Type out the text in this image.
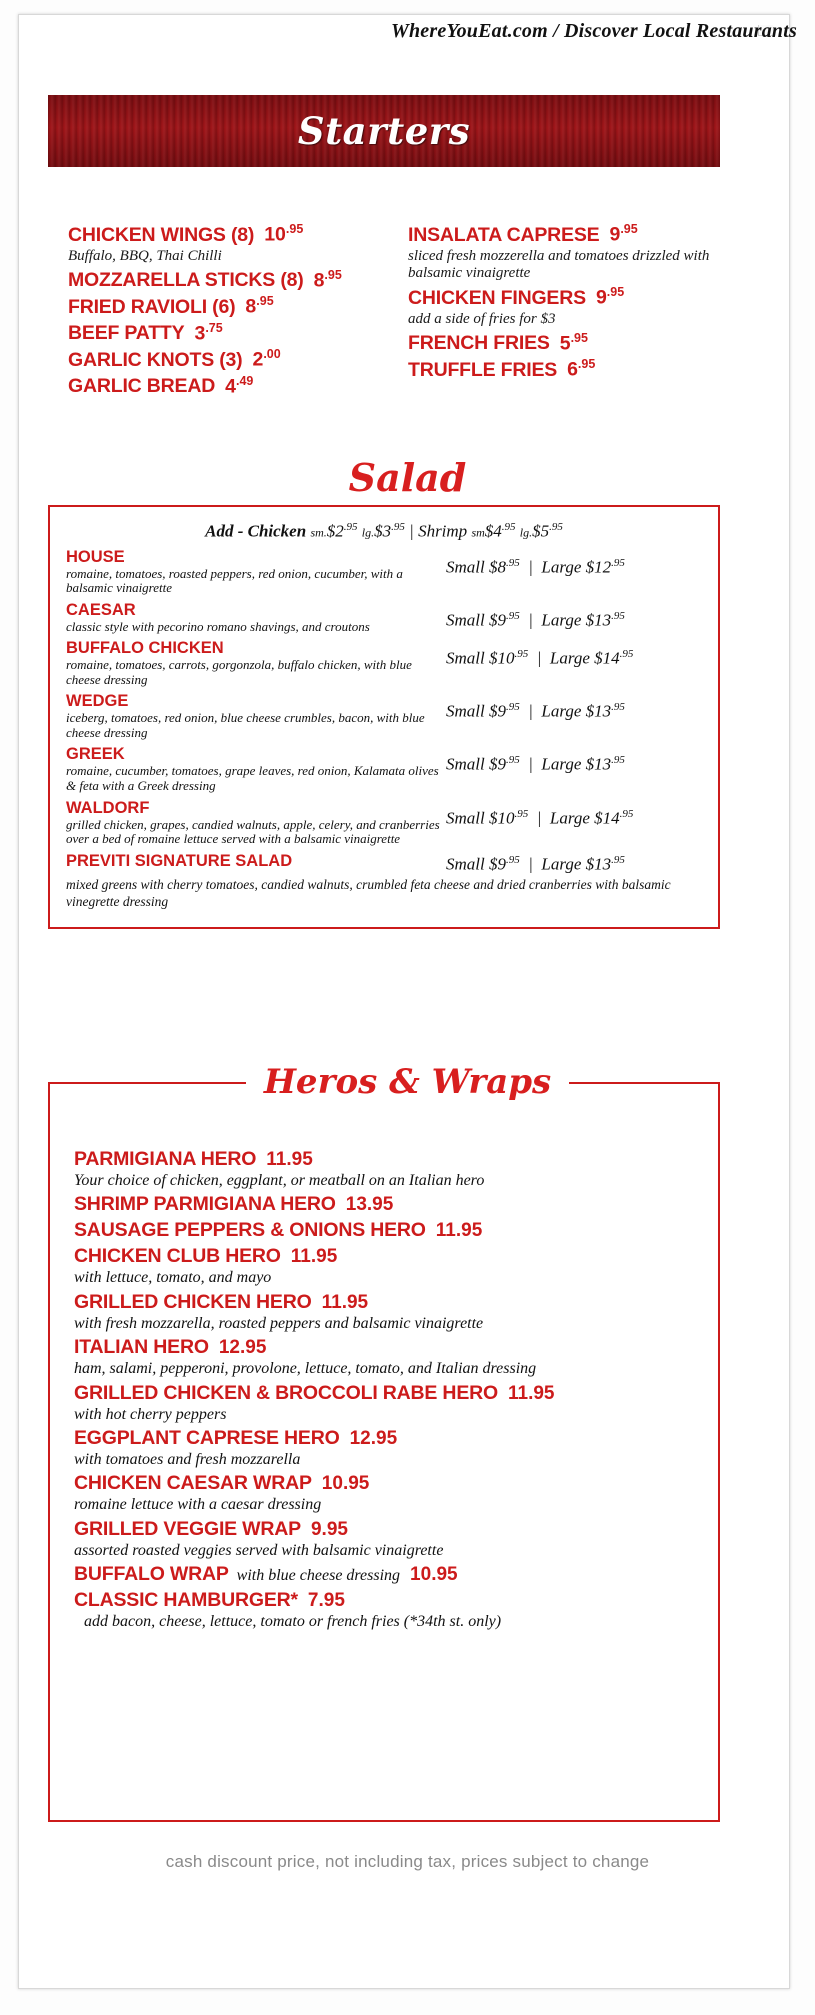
WhereYouEat.com / Discover Local Restaurants
Starters
CHICKEN WINGS (8) $10^{.95}$
Buffalo, BBQ, Thai Chilli
MOZZARELLA STICKS (8) $8^{.95}$
FRIED RAVIOLI (6) $8^{.95}$
BEEF PATTY $3^{.75}$
GARLIC KNOTS (3) $2^{.00}$
GARLIC BREAD $4^{.49}$
INSALATA CAPRESE $9^{.95}$
sliced fresh mozzerella and tomatoes drizzled with balsamic vinaigrette
CHICKEN FINGERS $9^{.95}$
add a side of fries for $3
FRENCH FRIES $5^{.95}$
TRUFFLE FRIES $6^{.95}$
Salad
Add - Chicken $sm.\$2^{.95}$ $\lg.\$3^{.95}$ | Shrimp $sm\$4^{.95}$ $\lg.\$5^{.95}$
HOUSE
romaine, tomatoes, roasted peppers, red onion, cucumber, with a balsamic vinaigrette
Small $\$8^{.95}$  |  Large $\$12^{.95}$
CAESAR
classic style with pecorino romano shavings, and croutons	Small $\$9^{.95}$  |  Large $\$13^{.95}$
BUFFALO CHICKEN
romaine, tomatoes, carrots, gorgonzola, buffalo chicken, with blue cheese dressing
Small $\$10^{.95}$  |  Large $\$14^{.95}$
WEDGE
iceberg, tomatoes, red onion, blue cheese crumbles, bacon, with blue cheese dressing
Small $\$9^{.95}$  |  Large $\$13^{.95}$
GREEK
romaine, cucumber, tomatoes, grape leaves, red onion, Kalamata olives & feta with a Greek dressing
Small $\$9^{.95}$  |  Large $\$13^{.95}$
WALDORF
grilled chicken, grapes, candied walnuts, apple, celery, and cranberries over a bed of romaine lettuce served with a balsamic vinaigrette
Small $\$10^{.95}$  |  Large $\$14^{.95}$
PREVITI SIGNATURE SALAD	Small $\$9^{.95}$  |  Large $\$13^{.95}$
mixed greens with cherry tomatoes, candied walnuts, crumbled feta cheese and dried cranberries with balsamic vinegrette dressing
Heros & Wraps
PARMIGIANA HERO 11.95
Your choice of chicken, eggplant, or meatball on an Italian hero
SHRIMP PARMIGIANA HERO 13.95
SAUSAGE PEPPERS & ONIONS HERO 11.95
CHICKEN CLUB HERO 11.95
with lettuce, tomato, and mayo
GRILLED CHICKEN HERO 11.95
with fresh mozzarella, roasted peppers and balsamic vinaigrette
ITALIAN HERO 12.95
ham, salami, pepperoni, provolone, lettuce, tomato, and Italian dressing
GRILLED CHICKEN & BROCCOLI RABE HERO 11.95
with hot cherry peppers
EGGPLANT CAPRESE HERO 12.95
with tomatoes and fresh mozzarella
CHICKEN CAESAR WRAP 10.95
romaine lettuce with a caesar dressing
GRILLED VEGGIE WRAP 9.95
assorted roasted veggies served with balsamic vinaigrette
BUFFALO WRAP with blue cheese dressing 10.95
CLASSIC HAMBURGER* 7.95
add bacon, cheese, lettuce, tomato or french fries (*34th st. only)
cash discount price, not including tax, prices subject to change
